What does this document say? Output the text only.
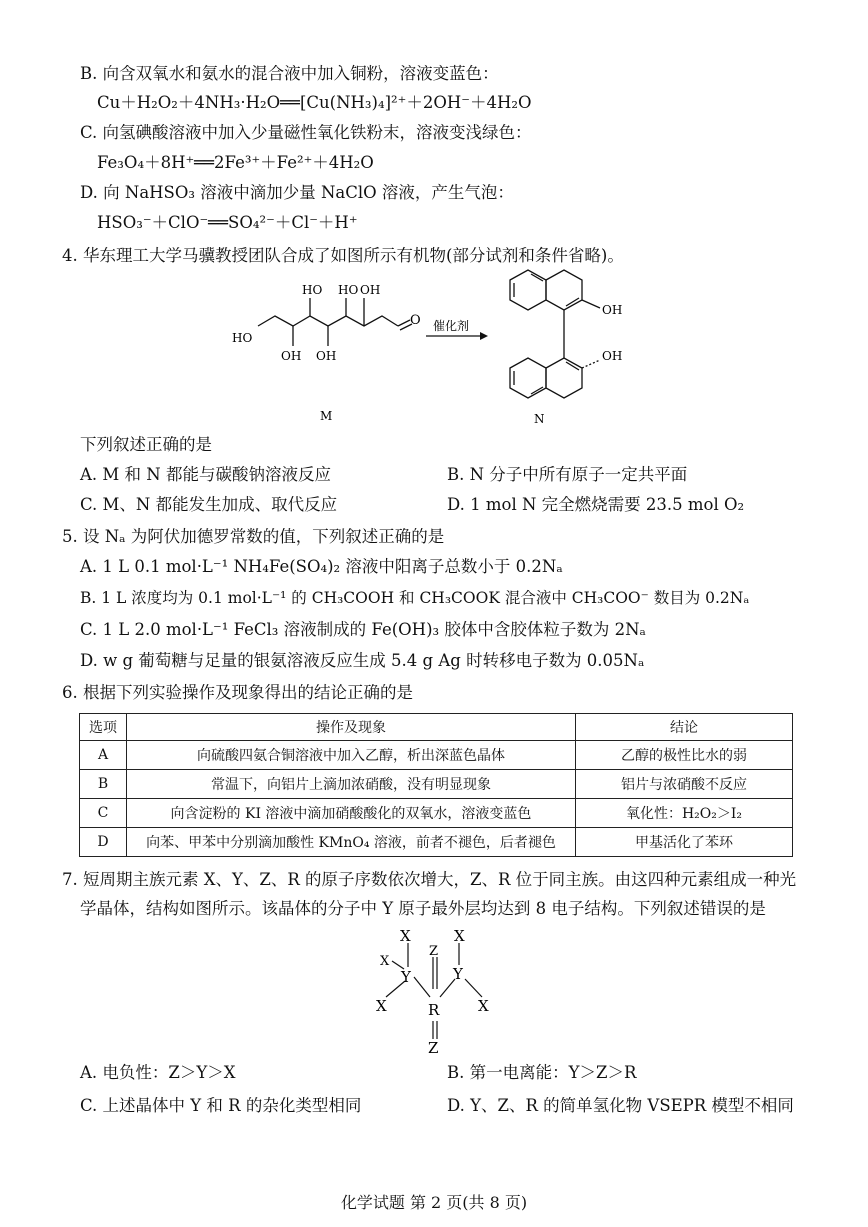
B. 向含双氧水和氨水的混合液中加入铜粉，溶液变蓝色：
Cu＋H₂O₂＋4NH₃·H₂O══[Cu(NH₃)₄]²⁺＋2OH⁻＋4H₂O
C. 向氢碘酸溶液中加入少量磁性氧化铁粉末，溶液变浅绿色：
Fe₃O₄＋8H⁺══2Fe³⁺＋Fe²⁺＋4H₂O
D. 向 NaHSO₃ 溶液中滴加少量 NaClO 溶液，产生气泡：
HSO₃⁻＋ClO⁻══SO₄²⁻＋Cl⁻＋H⁺
4. 华东理工大学马骥教授团队合成了如图所示有机物(部分试剂和条件省略)。
HO
OH
HO
OH
HO OH
O
M
催化剂
OH
OH
N
下列叙述正确的是
A. M 和 N 都能与碳酸钠溶液反应	B. N 分子中所有原子一定共平面
C. M、N 都能发生加成、取代反应	D. 1 mol N 完全燃烧需要 23.5 mol O₂
5. 设 Nₐ 为阿伏加德罗常数的值，下列叙述正确的是
A. 1 L 0.1 mol·L⁻¹ NH₄Fe(SO₄)₂ 溶液中阳离子总数小于 0.2Nₐ
B. 1 L 浓度均为 0.1 mol·L⁻¹ 的 CH₃COOH 和 CH₃COOK 混合液中 CH₃COO⁻ 数目为 0.2Nₐ
C. 1 L 2.0 mol·L⁻¹ FeCl₃ 溶液制成的 Fe(OH)₃ 胶体中含胶体粒子数为 2Nₐ
D. w g 葡萄糖与足量的银氨溶液反应生成 5.4 g Ag 时转移电子数为 0.05Nₐ
6. 根据下列实验操作及现象得出的结论正确的是
选项	操作及现象	结论
A	向硫酸四氨合铜溶液中加入乙醇，析出深蓝色晶体	乙醇的极性比水的弱
B	常温下，向铝片上滴加浓硝酸，没有明显现象	铝片与浓硝酸不反应
C	向含淀粉的 KI 溶液中滴加硝酸酸化的双氧水，溶液变蓝色	氧化性：H₂O₂＞I₂
D	向苯、甲苯中分别滴加酸性 KMnO₄ 溶液，前者不褪色，后者褪色	甲基活化了苯环
7. 短周期主族元素 X、Y、Z、R 的原子序数依次增大，Z、R 位于同主族。由这四种元素组成一种光
学晶体，结构如图所示。该晶体的分子中 Y 原子最外层均达到 8 电子结构。下列叙述错误的是
X
X
Y
Z
X
Y
X	R	X
Z
A. 电负性：Z＞Y＞X	B. 第一电离能：Y＞Z＞R
C. 上述晶体中 Y 和 R 的杂化类型相同	D. Y、Z、R 的简单氢化物 VSEPR 模型不相同
化学试题 第 2 页(共 8 页)
